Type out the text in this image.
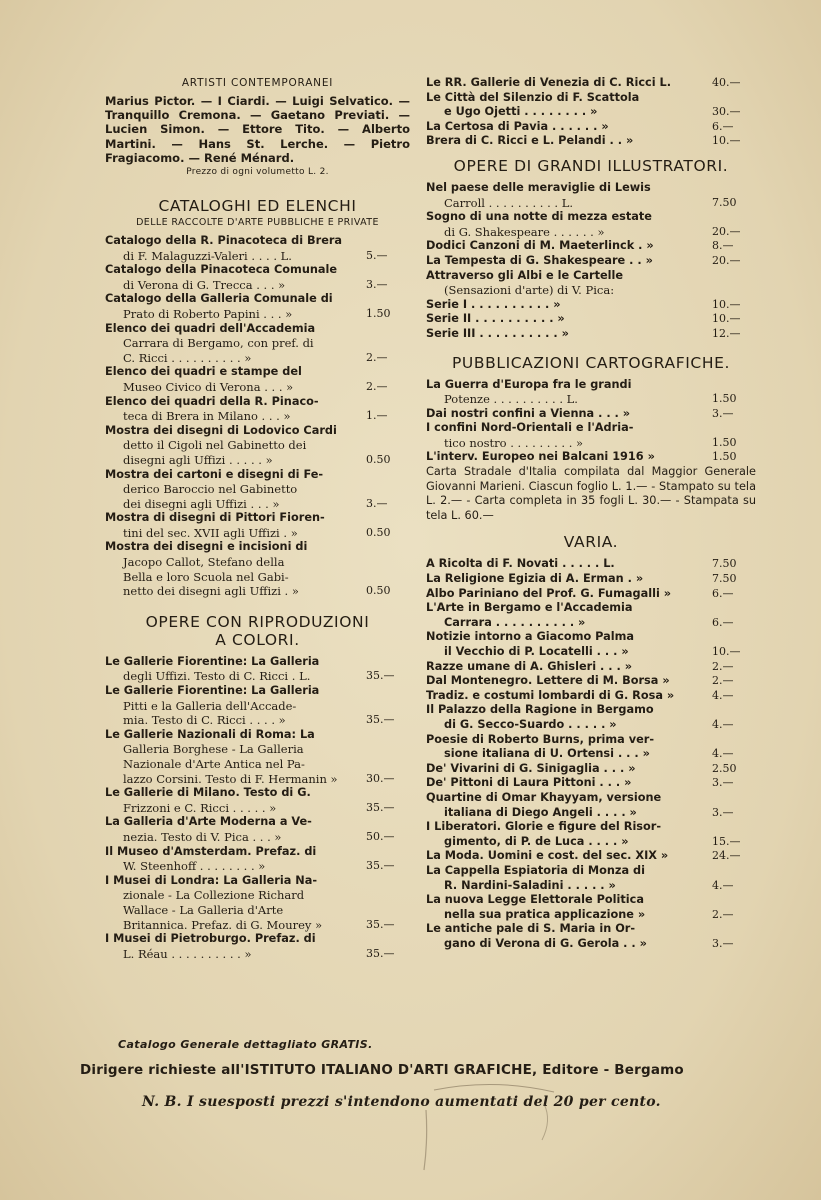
ARTISTI CONTEMPORANEI

Marius Pictor. — I Ciardi. — Luigi Selvatico. — Tranquillo Cremona. — Gaetano Previati. — Lucien Simon. — Ettore Tito. — Alberto Martini. — Hans St. Lerche. — Pietro Fragiacomo. — René Ménard.

Prezzo di ogni volumetto L. 2.

CATALOGHI ED ELENCHI

DELLE RACCOLTE D'ARTE PUBBLICHE E PRIVATE

Catalogo della R. Pinacoteca di Brera
di F. Malaguzzi-Valeri . . . . L.	5.—
Catalogo della Pinacoteca Comunale
di Verona di G. Trecca . . . »	3.—
Catalogo della Galleria Comunale di
Prato di Roberto Papini . . . »	1.50
Elenco dei quadri dell'Accademia
Carrara di Bergamo, con pref. di
C. Ricci . . . . . . . . . . »	2.—
Elenco dei quadri e stampe del
Museo Civico di Verona . . . »	2.—
Elenco dei quadri della R. Pinaco-
teca di Brera in Milano . . . »	1.—
Mostra dei disegni di Lodovico Cardi
detto il Cigoli nel Gabinetto dei
disegni agli Uffizi . . . . . »	0.50
Mostra dei cartoni e disegni di Fe-
derico Baroccio nel Gabinetto
dei disegni agli Uffizi . . . »	3.—
Mostra di disegni di Pittori Fioren-
tini del sec. XVII agli Uffizi . »	0.50
Mostra dei disegni e incisioni di
Jacopo Callot, Stefano della
Bella e loro Scuola nel Gabi-
netto dei disegni agli Uffizi . »	0.50

OPERE CON RIPRODUZIONI

A COLORI.

Le Gallerie Fiorentine: La Galleria
degli Uffizi. Testo di C. Ricci . L.	35.—
Le Gallerie Fiorentine: La Galleria
Pitti e la Galleria dell'Accade-
mia. Testo di C. Ricci . . . . »	35.—
Le Gallerie Nazionali di Roma: La
Galleria Borghese - La Galleria
Nazionale d'Arte Antica nel Pa-
lazzo Corsini. Testo di F. Hermanin »	30.—
Le Gallerie di Milano. Testo di G.
Frizzoni e C. Ricci . . . . . »	35.—
La Galleria d'Arte Moderna a Ve-
nezia. Testo di V. Pica . . . »	50.—
Il Museo d'Amsterdam. Prefaz. di
W. Steenhoff . . . . . . . . »	35.—
I Musei di Londra: La Galleria Na-
zionale - La Collezione Richard
Wallace - La Galleria d'Arte
Britannica. Prefaz. di G. Mourey »	35.—
I Musei di Pietroburgo. Prefaz. di
L. Réau . . . . . . . . . . »	35.—
Le RR. Gallerie di Venezia di C. Ricci L.	40.—
Le Città del Silenzio di F. Scattola
e Ugo Ojetti . . . . . . . . »	30.—
La Certosa di Pavia . . . . . . »	6.—
Brera di C. Ricci e L. Pelandi . . »	10.—

OPERE DI GRANDI ILLUSTRATORI.

Nel paese delle meraviglie di Lewis
Carroll . . . . . . . . . . L.	7.50
Sogno di una notte di mezza estate
di G. Shakespeare . . . . . . »	20.—
Dodici Canzoni di M. Maeterlinck . »	8.—
La Tempesta di G. Shakespeare . . »	20.—
Attraverso gli Albi e le Cartelle
(Sensazioni d'arte) di V. Pica:
Serie I . . . . . . . . . . »	10.—
Serie II . . . . . . . . . . »	10.—
Serie III . . . . . . . . . . »	12.—

PUBBLICAZIONI CARTOGRAFICHE.

La Guerra d'Europa fra le grandi
Potenze . . . . . . . . . . L.	1.50
Dai nostri confini a Vienna . . . »	3.—
I confini Nord-Orientali e l'Adria-
tico nostro . . . . . . . . . »	1.50
L'interv. Europeo nei Balcani 1916 »	1.50

Carta Stradale d'Italia compilata dal Maggior Generale Giovanni Marieni. Ciascun foglio L. 1.— - Stampato su tela L. 2.— - Carta completa in 35 fogli L. 30.— - Stampata su tela L. 60.—

VARIA.

A Ricolta di F. Novati . . . . . L.	7.50
La Religione Egizia di A. Erman . »	7.50
Albo Pariniano del Prof. G. Fumagalli »	6.—
L'Arte in Bergamo e l'Accademia
Carrara . . . . . . . . . . »	6.—
Notizie intorno a Giacomo Palma
il Vecchio di P. Locatelli . . . »	10.—
Razze umane di A. Ghisleri . . . »	2.—
Dal Montenegro. Lettere di M. Borsa »	2.—
Tradiz. e costumi lombardi di G. Rosa »	4.—
Il Palazzo della Ragione in Bergamo
di G. Secco-Suardo . . . . . »	4.—
Poesie di Roberto Burns, prima ver-
sione italiana di U. Ortensi . . . »	4.—
De' Vivarini di G. Sinigaglia . . . »	2.50
De' Pittoni di Laura Pittoni . . . »	3.—
Quartine di Omar Khayyam, versione
italiana di Diego Angeli . . . . »	3.—
I Liberatori. Glorie e figure del Risor-
gimento, di P. de Luca . . . . »	15.—
La Moda. Uomini e cost. del sec. XIX »	24.—
La Cappella Espiatoria di Monza di
R. Nardini-Saladini . . . . . »	4.—
La nuova Legge Elettorale Politica
nella sua pratica applicazione »	2.—
Le antiche pale di S. Maria in Or-
gano di Verona di G. Gerola . . »	3.—
Catalogo Generale dettagliato GRATIS.
Dirigere richieste all'ISTITUTO ITALIANO D'ARTI GRAFICHE, Editore - Bergamo
N. B. I suesposti prezzi s'intendono aumentati del 20 per cento.
